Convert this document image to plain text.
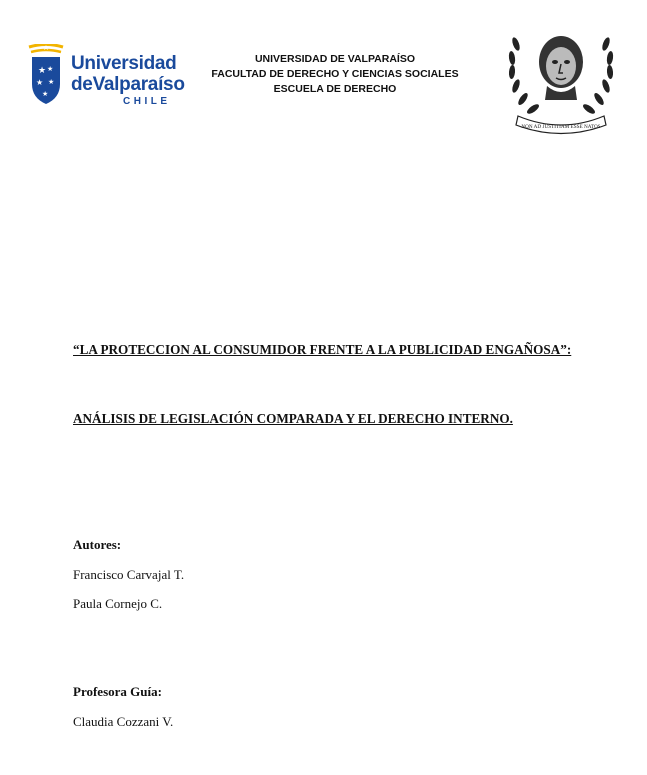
★ ★
★ ★
★
Universidad
deValparaíso
CHILE
UNIVERSIDAD DE VALPARAÍSO
FACULTAD DE DERECHO Y CIENCIAS SOCIALES
ESCUELA DE DERECHO
NON AD JUSTITIAM ESSE NATOS
“LA PROTECCION AL CONSUMIDOR FRENTE A LA PUBLICIDAD ENGAÑOSA”:
ANÁLISIS DE LEGISLACIÓN COMPARADA Y EL DERECHO INTERNO.
Autores:
Francisco Carvajal T.
Paula Cornejo C.
Profesora Guía:
Claudia Cozzani V.
